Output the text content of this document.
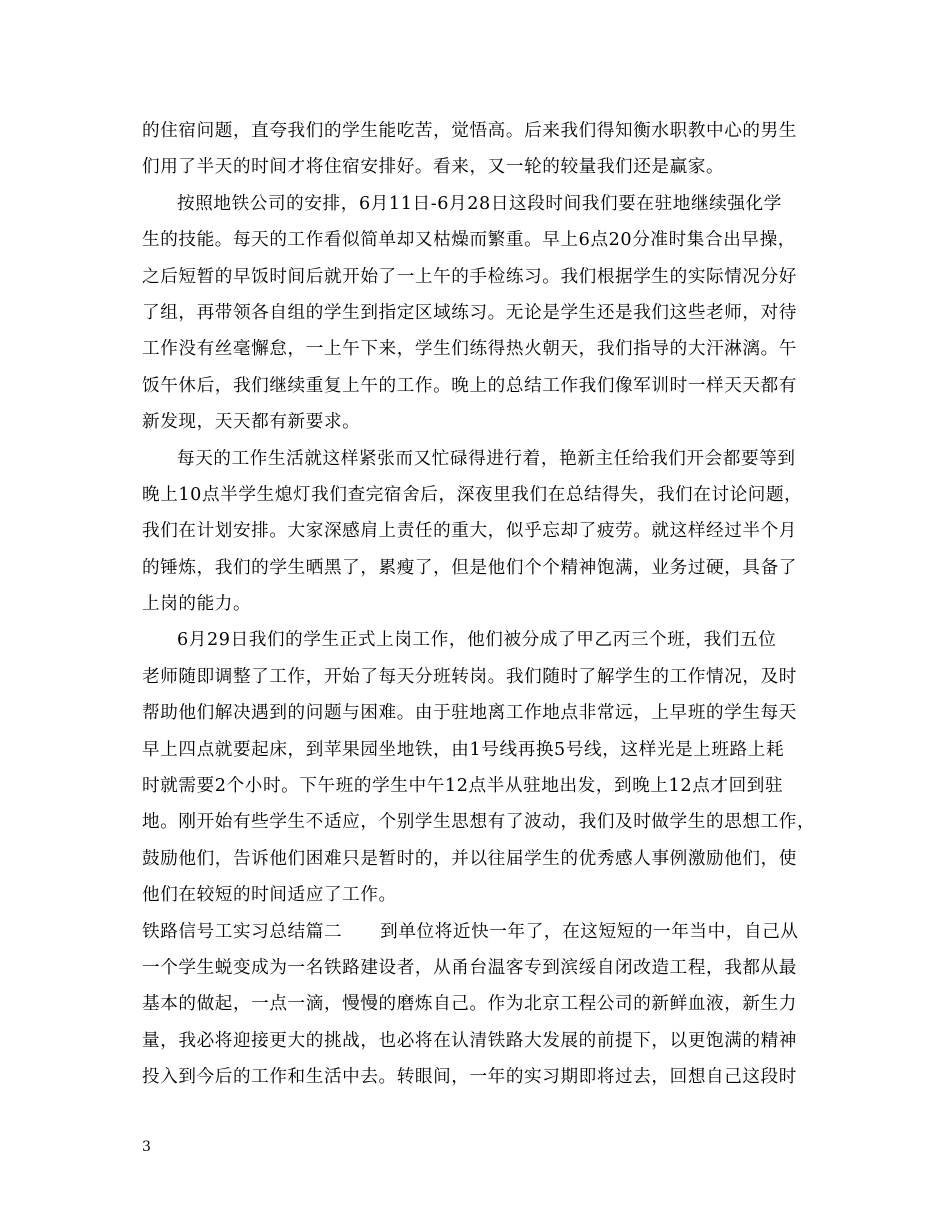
的住宿问题，直夸我们的学生能吃苦，觉悟高。后来我们得知衡水职教中心的男生
们用了半天的时间才将住宿安排好。看来，又一轮的较量我们还是赢家。
按照地铁公司的安排，6月11日-6月28日这段时间我们要在驻地继续强化学
生的技能。每天的工作看似简单却又枯燥而繁重。早上6点20分准时集合出早操，
之后短暂的早饭时间后就开始了一上午的手检练习。我们根据学生的实际情况分好
了组，再带领各自组的学生到指定区域练习。无论是学生还是我们这些老师，对待
工作没有丝毫懈怠，一上午下来，学生们练得热火朝天，我们指导的大汗淋漓。午
饭午休后，我们继续重复上午的工作。晚上的总结工作我们像军训时一样天天都有
新发现，天天都有新要求。
每天的工作生活就这样紧张而又忙碌得进行着，艳新主任给我们开会都要等到
晚上10点半学生熄灯我们查完宿舍后，深夜里我们在总结得失，我们在讨论问题，
我们在计划安排。大家深感肩上责任的重大，似乎忘却了疲劳。就这样经过半个月
的锤炼，我们的学生晒黑了，累瘦了，但是他们个个精神饱满，业务过硬，具备了
上岗的能力。
6月29日我们的学生正式上岗工作，他们被分成了甲乙丙三个班，我们五位
老师随即调整了工作，开始了每天分班转岗。我们随时了解学生的工作情况，及时
帮助他们解决遇到的问题与困难。由于驻地离工作地点非常远，上早班的学生每天
早上四点就要起床，到苹果园坐地铁，由1号线再换5号线，这样光是上班路上耗
时就需要2个小时。下午班的学生中午12点半从驻地出发，到晚上12点才回到驻
地。刚开始有些学生不适应，个别学生思想有了波动，我们及时做学生的思想工作，
鼓励他们，告诉他们困难只是暂时的，并以往届学生的优秀感人事例激励他们，使
他们在较短的时间适应了工作。
铁路信号工实习总结篇二 到单位将近快一年了，在这短短的一年当中，自己从
一个学生蜕变成为一名铁路建设者，从甬台温客专到滨绥自闭改造工程，我都从最
基本的做起，一点一滴，慢慢的磨炼自己。作为北京工程公司的新鲜血液，新生力
量，我必将迎接更大的挑战，也必将在认清铁路大发展的前提下，以更饱满的精神
投入到今后的工作和生活中去。转眼间，一年的实习期即将过去，回想自己这段时
3
